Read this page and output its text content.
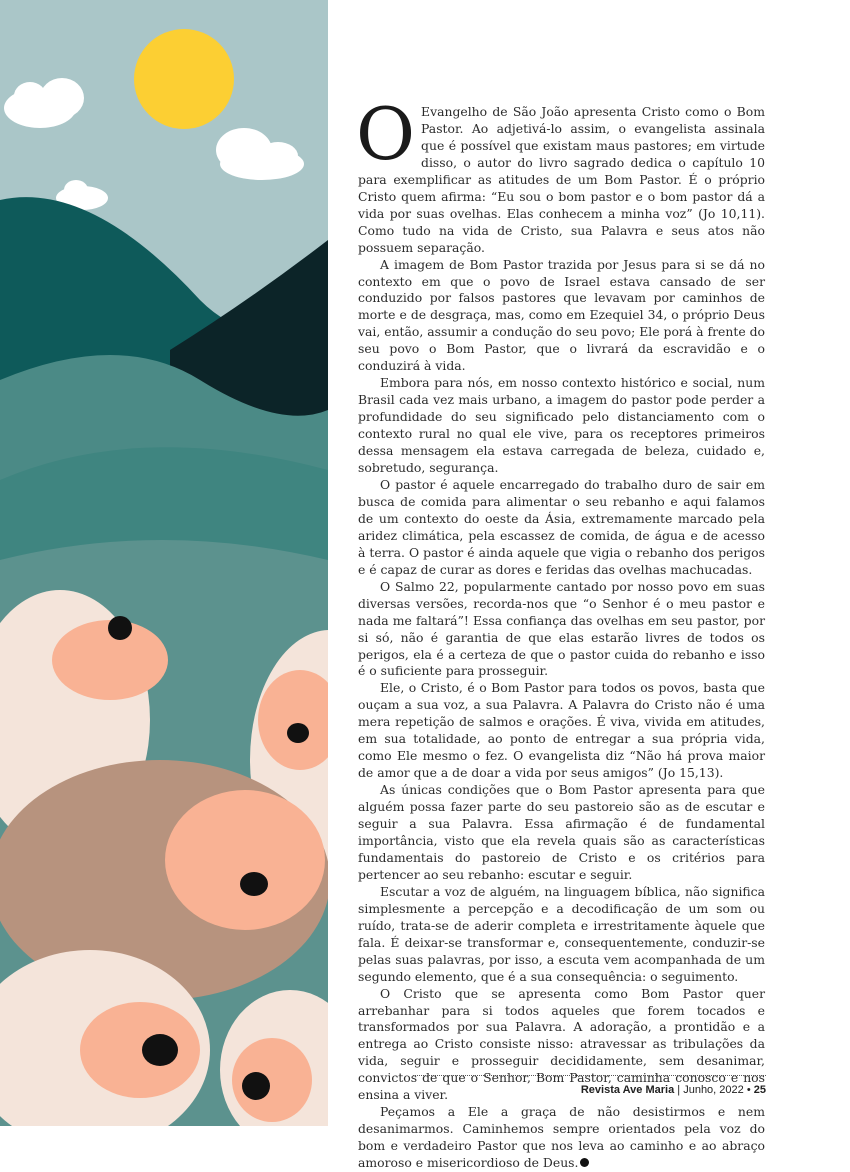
O Evangelho de São João apresenta Cristo como o Bom Pastor. Ao adjetivá-lo assim, o evangelista assinala que é possível que existam maus pastores; em virtude disso, o autor do livro sagrado dedica o capítulo 10 para exemplificar as atitudes de um Bom Pastor. É o próprio Cristo quem afirma: “Eu sou o bom pastor e o bom pastor dá a vida por suas ovelhas. Elas conhecem a minha voz” (Jo 10,11). Como tudo na vida de Cristo, sua Palavra e seus atos não possuem separação.

A imagem de Bom Pastor trazida por Jesus para si se dá no contexto em que o povo de Israel estava cansado de ser conduzido por falsos pastores que levavam por caminhos de morte e de desgraça, mas, como em Ezequiel 34, o próprio Deus vai, então, assumir a condução do seu povo; Ele porá à frente do seu povo o Bom Pastor, que o livrará da escravidão e o conduzirá à vida.

Embora para nós, em nosso contexto histórico e social, num Brasil cada vez mais urbano, a imagem do pastor pode perder a profundidade do seu significado pelo distanciamento com o contexto rural no qual ele vive, para os receptores primeiros dessa mensagem ela estava carregada de beleza, cuidado e, sobretudo, segurança.

O pastor é aquele encarregado do trabalho duro de sair em busca de comida para alimentar o seu rebanho e aqui falamos de um contexto do oeste da Ásia, extremamente marcado pela aridez climática, pela escassez de comida, de água e de acesso à terra. O pastor é ainda aquele que vigia o rebanho dos perigos e é capaz de curar as dores e feridas das ovelhas machucadas.

O Salmo 22, popularmente cantado por nosso povo em suas diversas versões, recorda-nos que “o Senhor é o meu pastor e nada me faltará”! Essa confiança das ovelhas em seu pastor, por si só, não é garantia de que elas estarão livres de todos os perigos, ela é a certeza de que o pastor cuida do rebanho e isso é o suficiente para prosseguir.

Ele, o Cristo, é o Bom Pastor para todos os povos, basta que ouçam a sua voz, a sua Palavra. A Palavra do Cristo não é uma mera repetição de salmos e orações. É viva, vivida em atitudes, em sua totalidade, ao ponto de entregar a sua própria vida, como Ele mesmo o fez. O evangelista diz “Não há prova maior de amor que a de doar a vida por seus amigos” (Jo 15,13).

As únicas condições que o Bom Pastor apresenta para que alguém possa fazer parte do seu pastoreio são as de escutar e seguir a sua Palavra. Essa afirmação é de fundamental importância, visto que ela revela quais são as características fundamentais do pastoreio de Cristo e os critérios para pertencer ao seu rebanho: escutar e seguir.

Escutar a voz de alguém, na linguagem bíblica, não significa simplesmente a percepção e a decodificação de um som ou ruído, trata-se de aderir completa e irrestritamente àquele que fala. É deixar-se transformar e, consequentemente, conduzir-se pelas suas palavras, por isso, a escuta vem acompanhada de um segundo elemento, que é a sua consequência: o seguimento.

O Cristo que se apresenta como Bom Pastor quer arrebanhar para si todos aqueles que forem tocados e transformados por sua Palavra. A adoração, a prontidão e a entrega ao Cristo consiste nisso: atravessar as tribulações da vida, seguir e prosseguir decididamente, sem desanimar, convictos de que o Senhor, Bom Pastor, caminha conosco e nos ensina a viver.

Peçamos a Ele a graça de não desistirmos e nem desanimarmos. Caminhemos sempre orientados pela voz do bom e verdadeiro Pastor que nos leva ao caminho e ao abraço amoroso e misericordioso de Deus.

Revista Ave Maria | Junho, 2022 • 25
